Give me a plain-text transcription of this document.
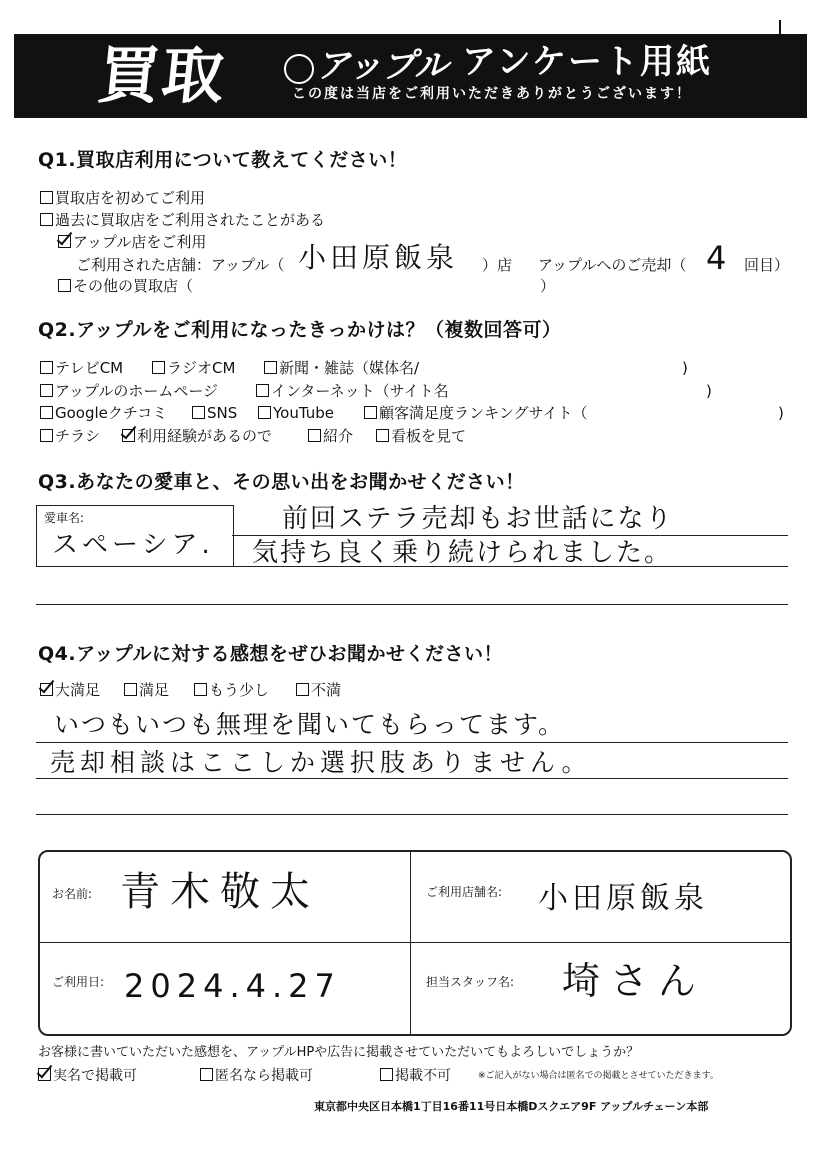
買取	アップル アンケート用紙
この度は当店をご利用いただきありがとうございます！
Q1.買取店利用について教えてください！
買取店を初めてご利用
過去に買取店をご利用されたことがある
アップル店をご利用
ご利用された店舗：アップル（ 小田原飯泉 ）店 アップルへのご売却（ 4 回目）
その他の買取店（	）
Q2.アップルをご利用になったきっかけは？（複数回答可）
テレビCM	ラジオCM	新聞・雑誌（媒体名/	)
アップルのホームページ	インターネット（サイト名	)
Googleクチコミ	SNS	YouTube	顧客満足度ランキングサイト（	)
チラシ	利用経験があるので	紹介	看板を見て
Q3.あなたの愛車と、その思い出をお聞かせください！
愛車名:
スペーシア.
前回ステラ売却もお世話になり
気持ち良く乗り続けられました。
Q4.アップルに対する感想をぜひお聞かせください！
大満足	満足	もう少し	不満
いつもいつも無理を聞いてもらってます。
売却相談はここしか選択肢ありません。
お名前: 青木敬太	ご利用店舗名: 小田原飯泉
ご利用日: 2024.4.27	担当スタッフ名: 埼さん
お客様に書いていただいた感想を、アップルHPや広告に掲載させていただいてもよろしいでしょうか？
実名で掲載可	匿名なら掲載可	掲載不可	※ご記入がない場合は匿名での掲載とさせていただきます。
東京都中央区日本橋1丁目16番11号日本橋Dスクエア9F アップルチェーン本部
